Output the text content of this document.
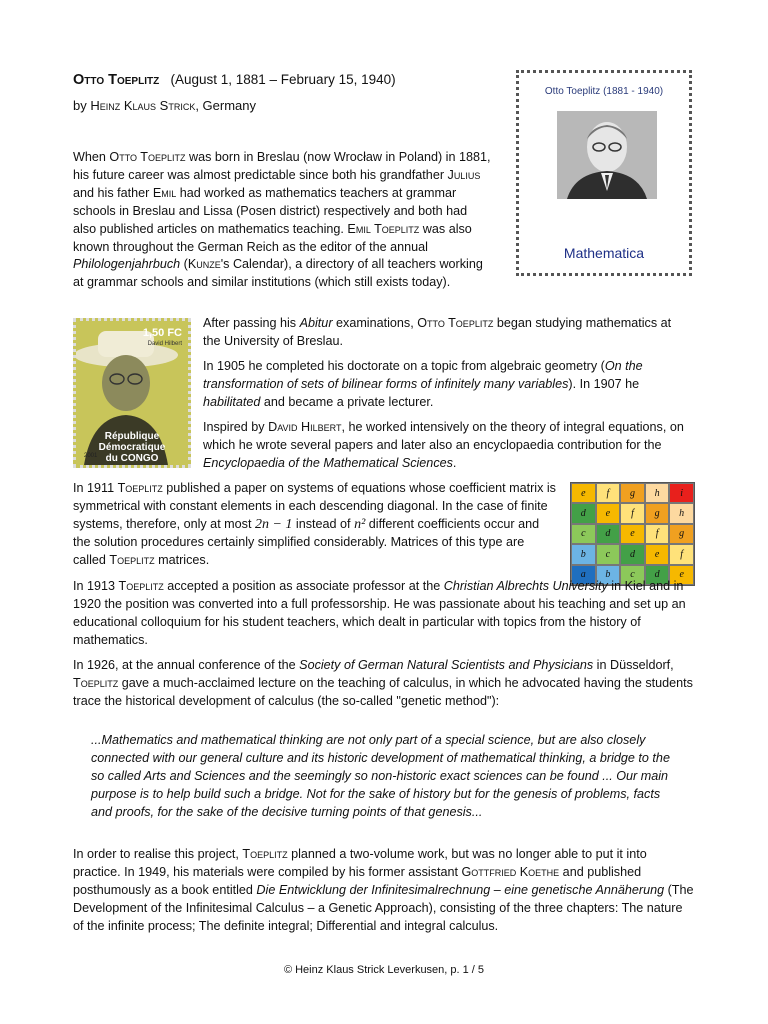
Otto Toeplitz (August 1, 1881 – February 15, 1940)
by Heinz Klaus Strick, Germany
Otto Toeplitz (1881 - 1940)
Mathematica

When Otto Toeplitz was born in Breslau (now Wrocław in Poland) in 1881, his future career was almost predictable since both his grandfather Julius and his father Emil had worked as mathematics teachers at grammar schools in Breslau and Lissa (Posen district) respectively and both had also published articles on mathematics teaching. Emil Toeplitz was also known throughout the German Reich as the editor of the annual Philologenjahrbuch (Kunze's Calendar), a directory of all teachers working at grammar schools and similar institutions (which still exists today).

1,50 FC
David Hilbert
République
Démocratique
du CONGO
2001

After passing his Abitur examinations, Otto Toeplitz began studying mathematics at the University of Breslau.

In 1905 he completed his doctorate on a topic from algebraic geometry (On the transformation of sets of bilinear forms of infinitely many variables). In 1907 he habilitated and became a private lecturer.

Inspired by David Hilbert, he worked intensively on the theory of integral equations, on which he wrote several papers and later also an encyclopaedia contribution for the Encyclopaedia of the Mathematical Sciences.

In 1911 Toeplitz published a paper on systems of equations whose coefficient matrix is symmetrical with constant elements in each descending diagonal. In the case of finite systems, therefore, only at most 2n − 1 instead of n² different coefficients occur and the solution procedures certainly simplified considerably. Matrices of this type are called Toeplitz matrices.

e	f	g	h	i
d	e	f	g	h
c	d	e	f	g
b	c	d	e	f
a	b	c	d	e

In 1913 Toeplitz accepted a position as associate professor at the Christian Albrechts University in Kiel and in 1920 the position was converted into a full professorship. He was passionate about his teaching and set up an educational colloquium for his student teachers, which dealt in particular with topics from the history of mathematics.

In 1926, at the annual conference of the Society of German Natural Scientists and Physicians in Düsseldorf, Toeplitz gave a much-acclaimed lecture on the teaching of calculus, in which he advocated having the students trace the historical development of calculus (the so-called "genetic method"):

...Mathematics and mathematical thinking are not only part of a special science, but are also closely connected with our general culture and its historic development of mathematical thinking, a bridge to the so called Arts and Sciences and the seemingly so non-historic exact sciences can be found ... Our main purpose is to help build such a bridge. Not for the sake of history but for the genesis of problems, facts and proofs, for the sake of the decisive turning points of that genesis...

In order to realise this project, Toeplitz planned a two-volume work, but was no longer able to put it into practice. In 1949, his materials were compiled by his former assistant Gottfried Koethe and published posthumously as a book entitled Die Entwicklung der Infinitesimalrechnung – eine genetische Annäherung (The Development of the Infinitesimal Calculus – a Genetic Approach), consisting of the three chapters: The nature of the infinite process; The definite integral; Differential and integral calculus.

© Heinz Klaus Strick Leverkusen, p. 1 / 5
